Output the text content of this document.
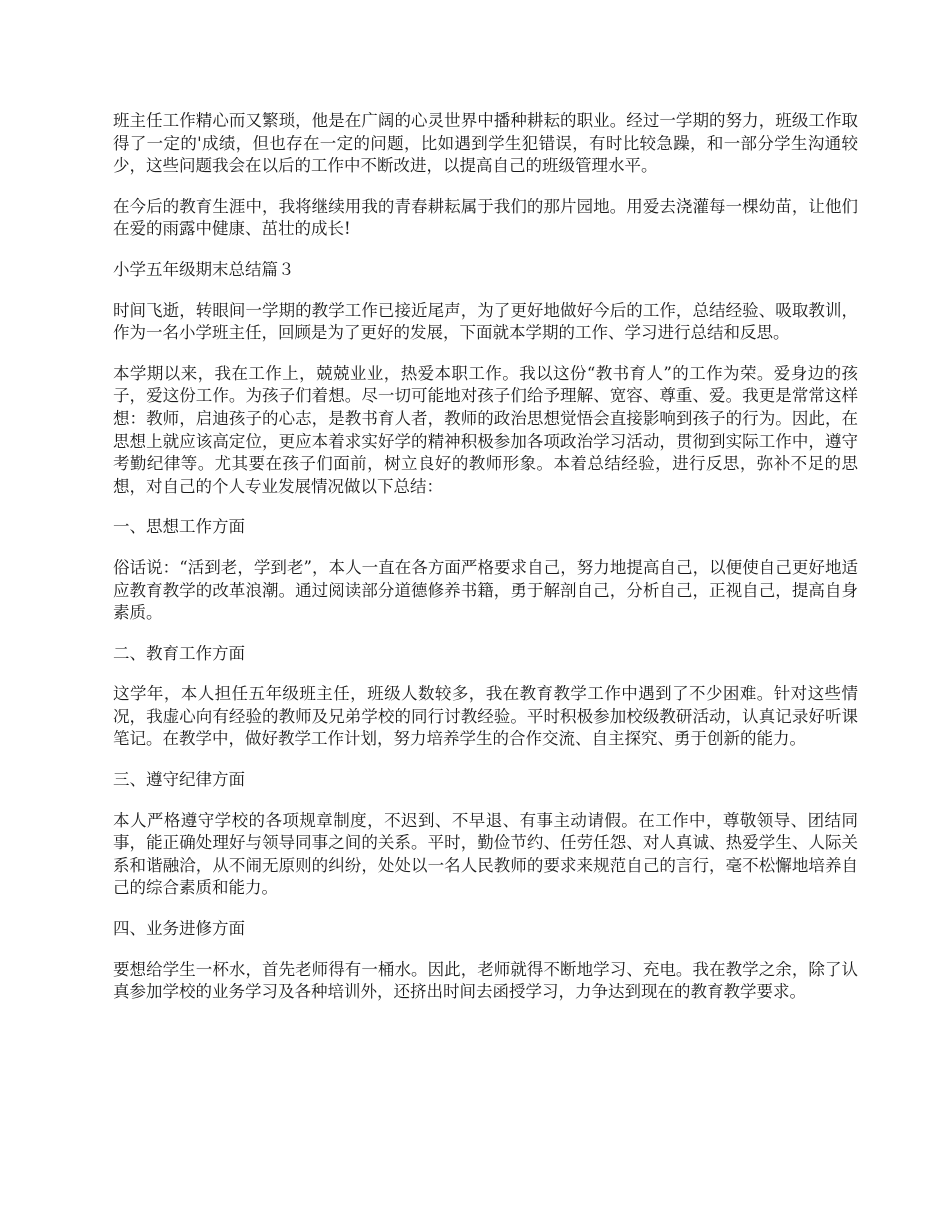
班主任工作精心而又繁琐，他是在广阔的心灵世界中播种耕耘的职业。经过一学期的努力，班级工作取得了一定的'成绩，但也存在一定的问题，比如遇到学生犯错误，有时比较急躁，和一部分学生沟通较少，这些问题我会在以后的工作中不断改进，以提高自己的班级管理水平。

在今后的教育生涯中，我将继续用我的青春耕耘属于我们的那片园地。用爱去浇灌每一棵幼苗，让他们在爱的雨露中健康、茁壮的成长!

小学五年级期末总结篇３

时间飞逝，转眼间一学期的教学工作已接近尾声，为了更好地做好今后的工作，总结经验、吸取教训，作为一名小学班主任，回顾是为了更好的发展，下面就本学期的工作、学习进行总结和反思。

本学期以来，我在工作上，兢兢业业，热爱本职工作。我以这份“教书育人”的工作为荣。爱身边的孩子，爱这份工作。为孩子们着想。尽一切可能地对孩子们给予理解、宽容、尊重、爱。我更是常常这样想：教师，启迪孩子的心志，是教书育人者，教师的政治思想觉悟会直接影响到孩子的行为。因此，在思想上就应该高定位，更应本着求实好学的精神积极参加各项政治学习活动，贯彻到实际工作中，遵守考勤纪律等。尤其要在孩子们面前，树立良好的教师形象。本着总结经验，进行反思，弥补不足的思想，对自己的个人专业发展情况做以下总结：

一、思想工作方面

俗话说：“活到老，学到老”，本人一直在各方面严格要求自己，努力地提高自己，以便使自己更好地适应教育教学的改革浪潮。通过阅读部分道德修养书籍，勇于解剖自己，分析自己，正视自己，提高自身素质。

二、教育工作方面

这学年，本人担任五年级班主任，班级人数较多，我在教育教学工作中遇到了不少困难。针对这些情况，我虚心向有经验的教师及兄弟学校的同行讨教经验。平时积极参加校级教研活动，认真记录好听课笔记。在教学中，做好教学工作计划，努力培养学生的合作交流、自主探究、勇于创新的能力。

三、遵守纪律方面

本人严格遵守学校的各项规章制度，不迟到、不早退、有事主动请假。在工作中，尊敬领导、团结同事，能正确处理好与领导同事之间的关系。平时，勤俭节约、任劳任怨、对人真诚、热爱学生、人际关系和谐融洽，从不闹无原则的纠纷，处处以一名人民教师的要求来规范自己的言行，毫不松懈地培养自己的综合素质和能力。

四、业务进修方面

要想给学生一杯水，首先老师得有一桶水。因此，老师就得不断地学习、充电。我在教学之余，除了认真参加学校的业务学习及各种培训外，还挤出时间去函授学习，力争达到现在的教育教学要求。
